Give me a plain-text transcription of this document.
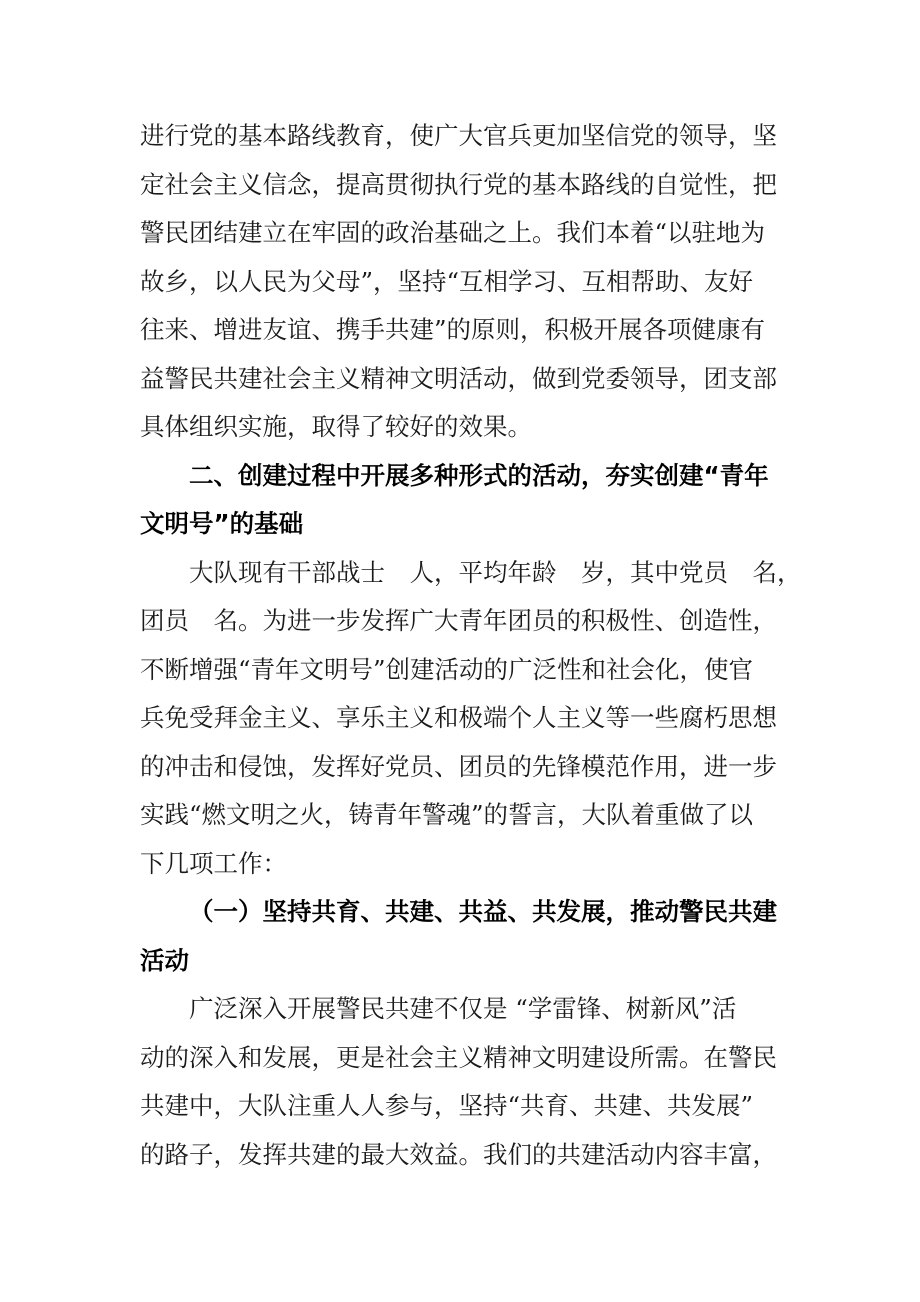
进行党的基本路线教育，使广大官兵更加坚信党的领导，坚
定社会主义信念，提高贯彻执行党的基本路线的自觉性，把
警民团结建立在牢固的政治基础之上。我们本着“以驻地为
故乡，以人民为父母”，坚持“互相学习、互相帮助、友好
往来、增进友谊、携手共建”的原则，积极开展各项健康有
益警民共建社会主义精神文明活动，做到党委领导，团支部
具体组织实施，取得了较好的效果。
二、创建过程中开展多种形式的活动，夯实创建“青年
文明号”的基础
大队现有干部战士　人，平均年龄　岁，其中党员　名，
团员　名。为进一步发挥广大青年团员的积极性、创造性，
不断增强“青年文明号”创建活动的广泛性和社会化，使官
兵免受拜金主义、享乐主义和极端个人主义等一些腐朽思想
的冲击和侵蚀，发挥好党员、团员的先锋模范作用，进一步
实践“燃文明之火，铸青年警魂”的誓言，大队着重做了以
下几项工作：
（一）坚持共育、共建、共益、共发展，推动警民共建
活动
广泛深入开展警民共建不仅是 “学雷锋、树新风”活
动的深入和发展，更是社会主义精神文明建设所需。在警民
共建中，大队注重人人参与，坚持“共育、共建、共发展”
的路子，发挥共建的最大效益。我们的共建活动内容丰富，
